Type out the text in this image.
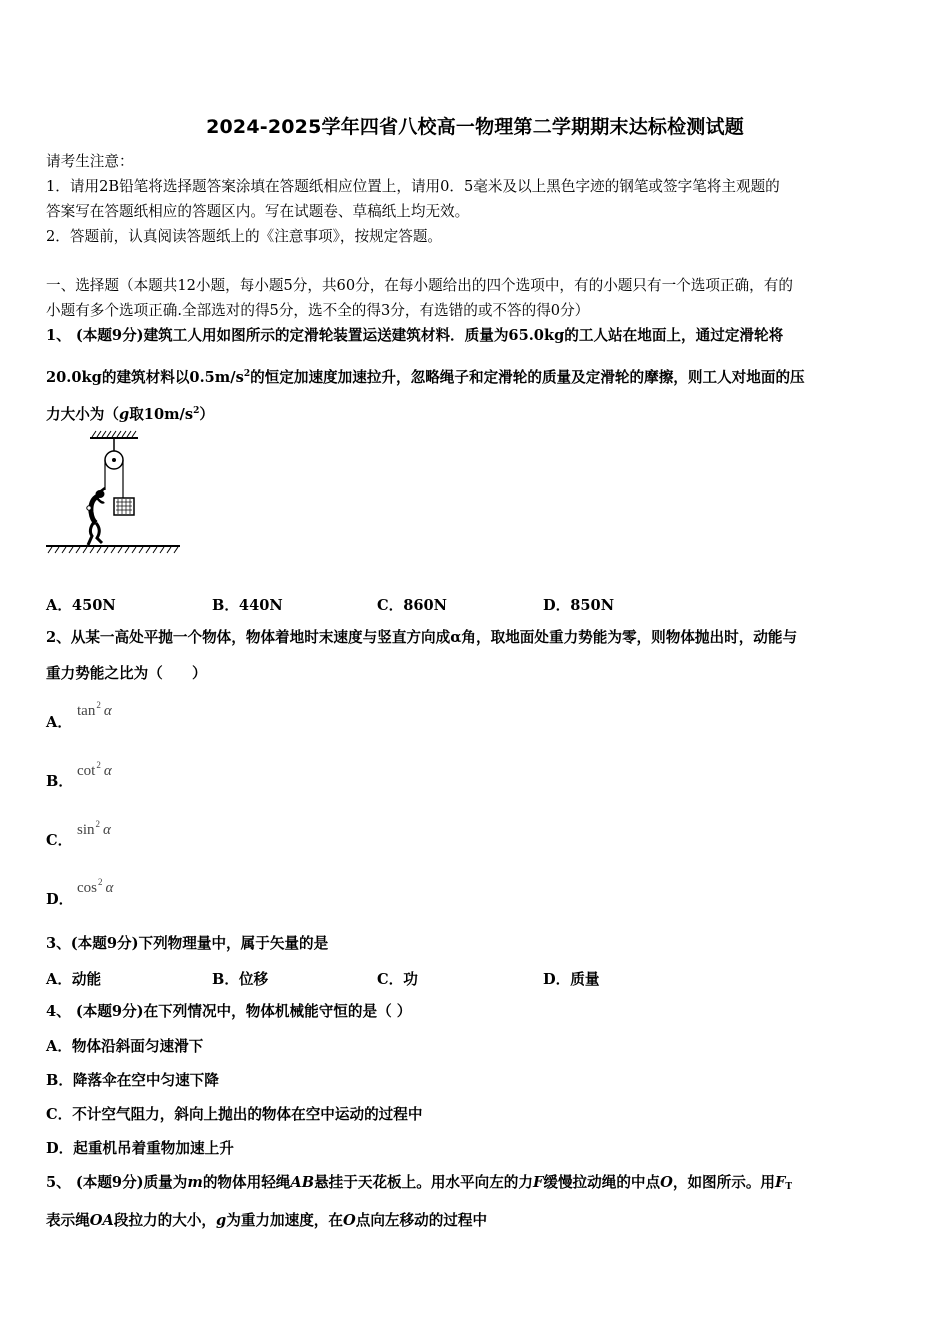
2024-2025学年四省八校高一物理第二学期期末达标检测试题
请考生注意：
1．请用2B铅笔将选择题答案涂填在答题纸相应位置上，请用0．5毫米及以上黑色字迹的钢笔或签字笔将主观题的
答案写在答题纸相应的答题区内。写在试题卷、草稿纸上均无效。
2．答题前，认真阅读答题纸上的《注意事项》，按规定答题。
一、选择题（本题共12小题，每小题5分，共60分，在每小题给出的四个选项中，有的小题只有一个选项正确，有的
小题有多个选项正确.全部选对的得5分，选不全的得3分，有选错的或不答的得0分）
1、 (本题9分)建筑工人用如图所示的定滑轮装置运送建筑材料．质量为65.0kg的工人站在地面上，通过定滑轮将
20.0kg的建筑材料以$0.5m/s^2$的恒定加速度加速拉升，忽略绳子和定滑轮的质量及定滑轮的摩擦，则工人对地面的压
力大小为（g取$10m/s^2$）
A．450N	B．440N	C．860N	D．850N
2、从某一高处平抛一个物体，物体着地时末速度与竖直方向成α角，取地面处重力势能为零，则物体抛出时，动能与
重力势能之比为（　　）
A．
$\tan^2 \alpha$
B．
$\cot^2 \alpha$
C．
$\sin^2 \alpha$
D．
$\cos^2 \alpha$
3、(本题9分)下列物理量中，属于矢量的是
A．动能	B．位移	C．功	D．质量
4、 (本题9分)在下列情况中，物体机械能守恒的是（ ）
A．物体沿斜面匀速滑下
B．降落伞在空中匀速下降
C．不计空气阻力，斜向上抛出的物体在空中运动的过程中
D．起重机吊着重物加速上升
5、 (本题9分)质量为m的物体用轻绳AB悬挂于天花板上。用水平向左的力F缓慢拉动绳的中点O，如图所示。用$F_T$
表示绳OA段拉力的大小，g为重力加速度，在O点向左移动的过程中
